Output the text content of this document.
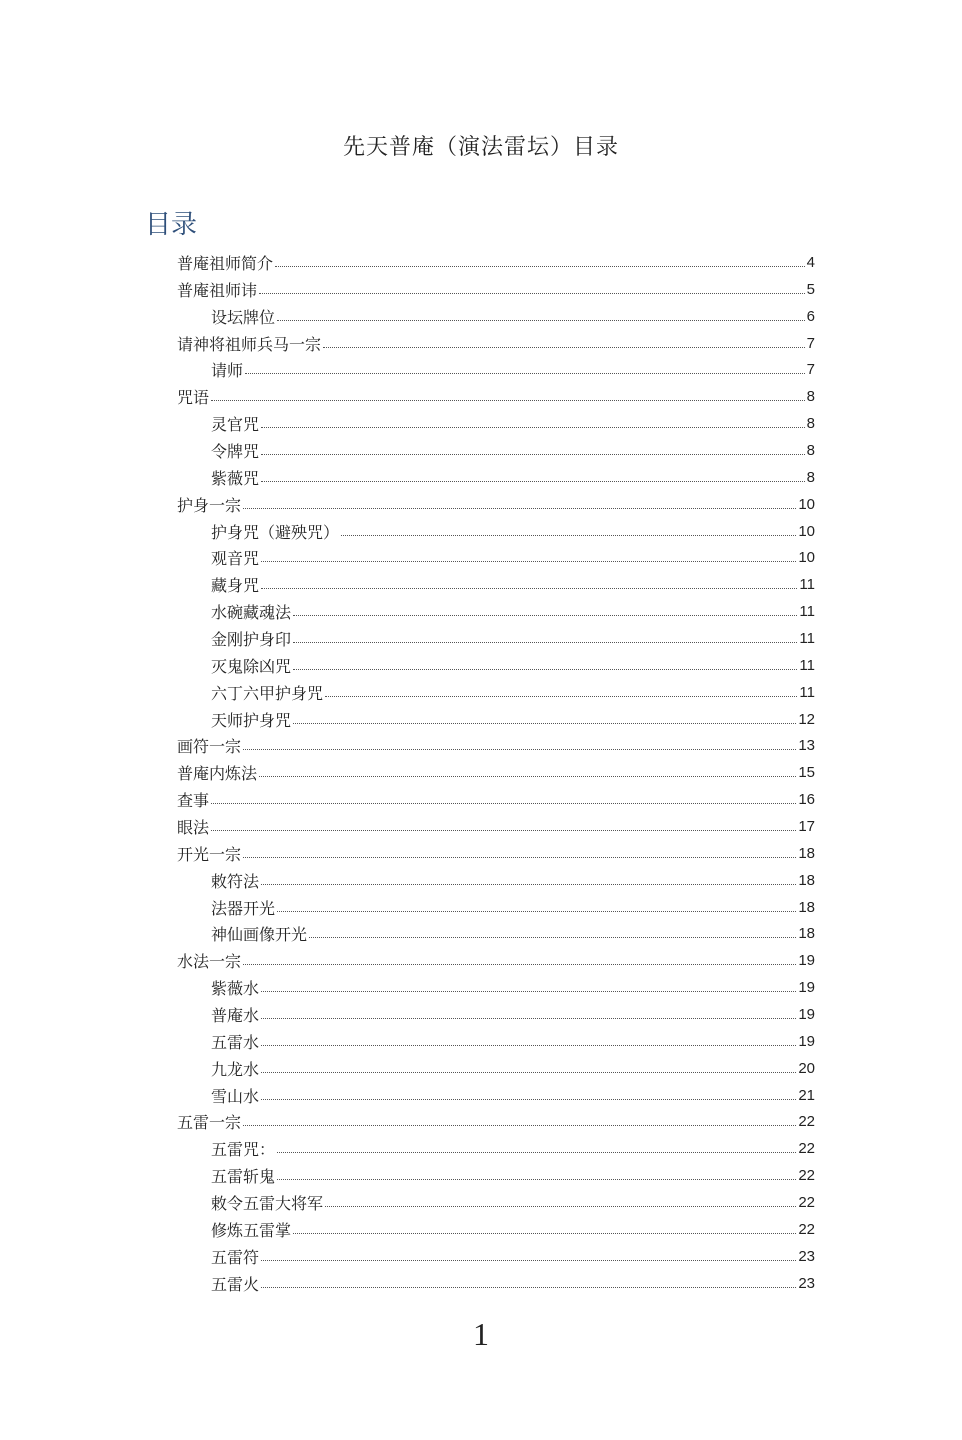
先天普庵（演法雷坛）目录
目录
普庵祖师简介	4
普庵祖师讳	5
设坛牌位	6
请神将祖师兵马一宗	7
请师	7
咒语	8
灵官咒	8
令牌咒	8
紫薇咒	8
护身一宗	10
护身咒（避殃咒）	10
观音咒	10
藏身咒	11
水碗藏魂法	11
金刚护身印	11
灭鬼除凶咒	11
六丁六甲护身咒	11
天师护身咒	12
画符一宗	13
普庵内炼法	15
查事	16
眼法	17
开光一宗	18
敕符法	18
法器开光	18
神仙画像开光	18
水法一宗	19
紫薇水	19
普庵水	19
五雷水	19
九龙水	20
雪山水	21
五雷一宗	22
五雷咒：	22
五雷斩鬼	22
敕令五雷大将军	22
修炼五雷掌	22
五雷符	23
五雷火	23
1
